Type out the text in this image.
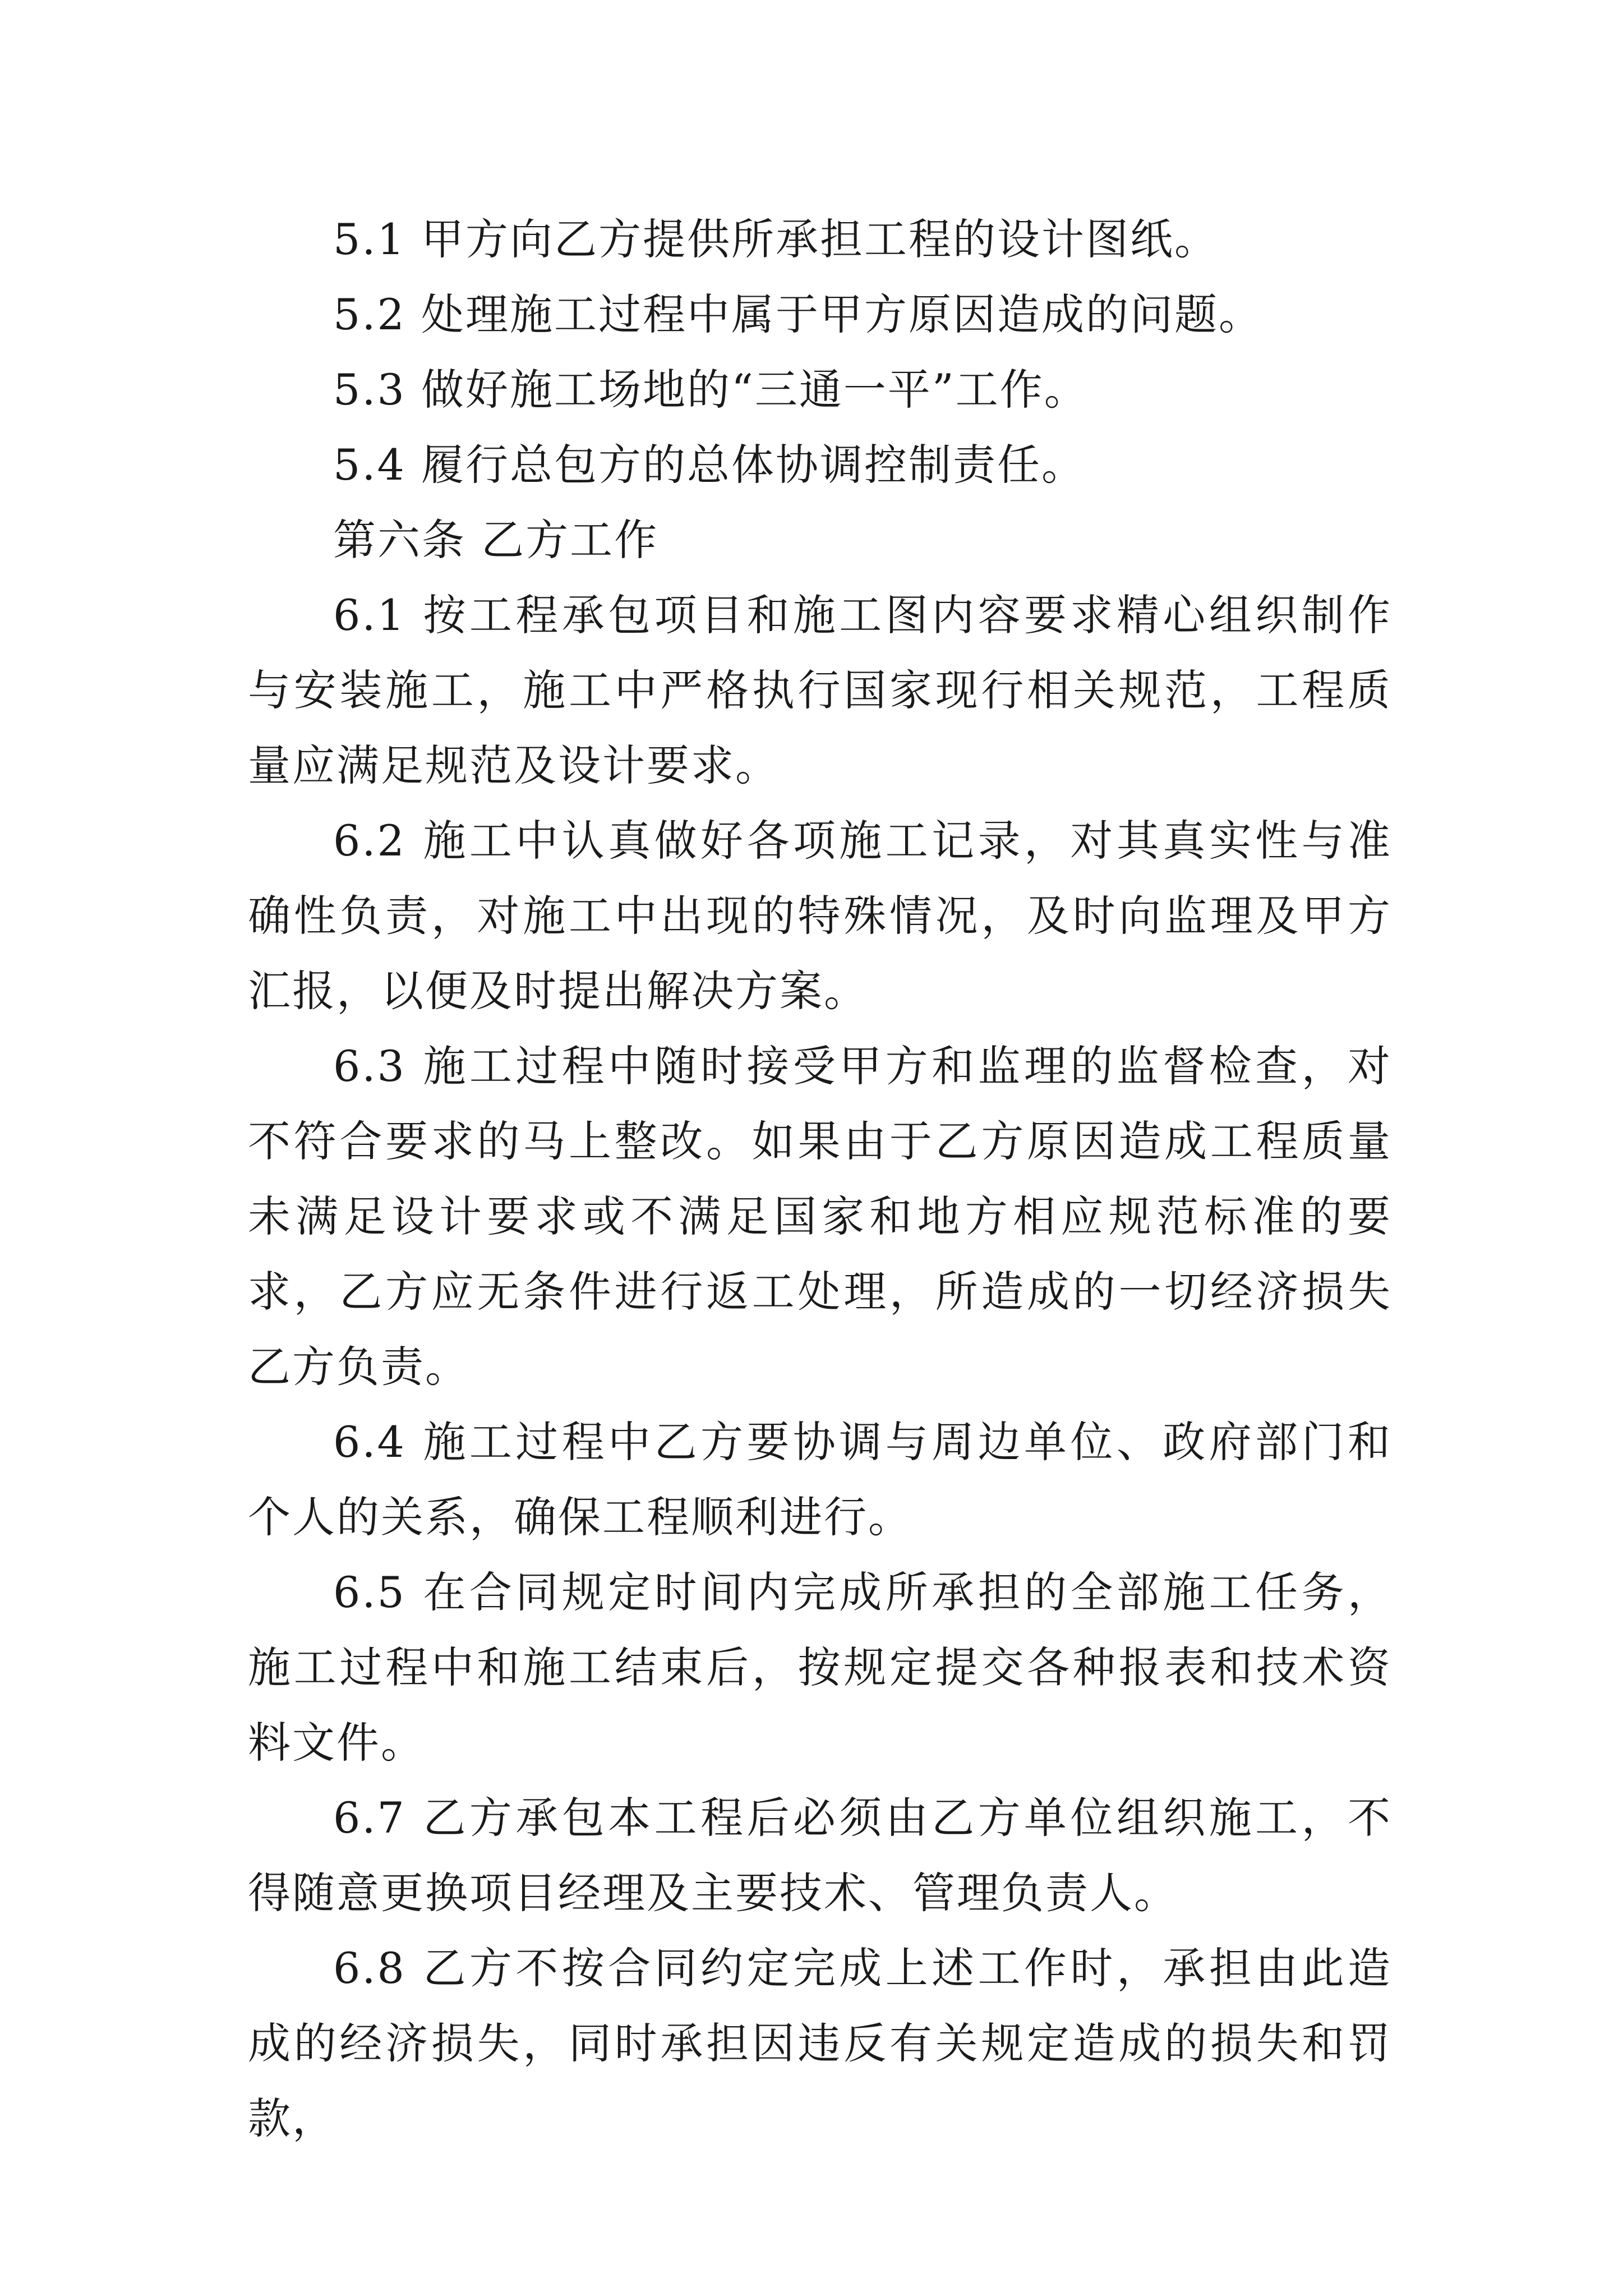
5.1 甲方向乙方提供所承担工程的设计图纸。

5.2 处理施工过程中属于甲方原因造成的问题。

5.3 做好施工场地的“三通一平”工作。

5.4 履行总包方的总体协调控制责任。

第六条 乙方工作

6.1 按工程承包项目和施工图内容要求精心组织制作与安装施工，施工中严格执行国家现行相关规范，工程质量应满足规范及设计要求。

6.2 施工中认真做好各项施工记录，对其真实性与准确性负责，对施工中出现的特殊情况，及时向监理及甲方汇报，以便及时提出解决方案。

6.3 施工过程中随时接受甲方和监理的监督检查，对不符合要求的马上整改。如果由于乙方原因造成工程质量未满足设计要求或不满足国家和地方相应规范标准的要求，乙方应无条件进行返工处理，所造成的一切经济损失乙方负责。

6.4 施工过程中乙方要协调与周边单位、政府部门和个人的关系，确保工程顺利进行。

6.5 在合同规定时间内完成所承担的全部施工任务，施工过程中和施工结束后，按规定提交各种报表和技术资料文件。

6.7 乙方承包本工程后必须由乙方单位组织施工，不得随意更换项目经理及主要技术、管理负责人。

6.8 乙方不按合同约定完成上述工作时，承担由此造成的经济损失，同时承担因违反有关规定造成的损失和罚款，
